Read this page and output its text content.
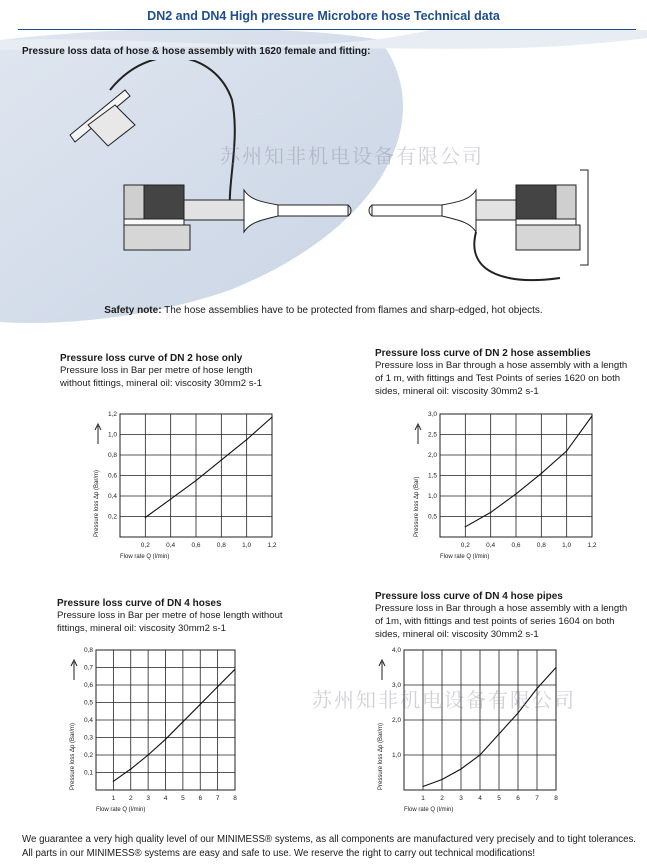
DN2 and DN4 High pressure Microbore hose Technical data
Pressure loss data of hose & hose assembly with 1620 female and fitting:
苏州知非机电设备有限公司
Safety note: The hose assemblies have to be protected from flames and sharp-edged, hot objects.
Pressure loss curve of DN 2 hose only
Pressure loss in Bar per metre of hose length
without fittings, mineral oil: viscosity 30mm2 s-1
0,2	0,4	0,6	0,8	1,0	1,2
0,2
0,4
0,6
0,8
1,0
1,2
Flow rate Q (l/min)
Pressure loss Δp (Bar/m)
Pressure loss curve of DN 2 hose assemblies
Pressure loss in Bar through a hose assembly with a length
of 1 m, with fittings and Test Points of series 1620 on both
sides, mineral oil: viscosity 30mm2 s-1
0,2	0,4	0,6	0,8	1,0	1,2
0,5
1,0
1,5
2,0
2,5
3,0
Flow rate Q (l/min)
Pressure loss Δp (Bar)
Pressure loss curve of DN 4 hoses
Pressure loss in Bar per metre of hose length without
fittings, mineral oil: viscosity 30mm2 s-1
1 2 3 4 5 6 7 8
0,1
0,2
0,3
0,4
0,5
0,6
0,7
0,8
Flow rate Q (l/min)
Pressure loss Δp (Bar/m)
Pressure loss curve of DN 4 hose pipes
Pressure loss in Bar through a hose assembly with a length
of 1m, with fittings and test points of series 1604 on both
sides, mineral oil: viscosity 30mm2 s-1
1 2 3 4 5 6 7 8
1,0
2,0
3,0
4,0
Flow rate Q (l/min)
Pressure loss Δp (Bar/m)
苏州知非机电设备有限公司
We guarantee a very high quality level of our MINIMESS® systems, as all components are manufactured very precisely and to tight tolerances. All parts in our MINIMESS® systems are easy and safe to use. We reserve the right to carry out technical modifications!
